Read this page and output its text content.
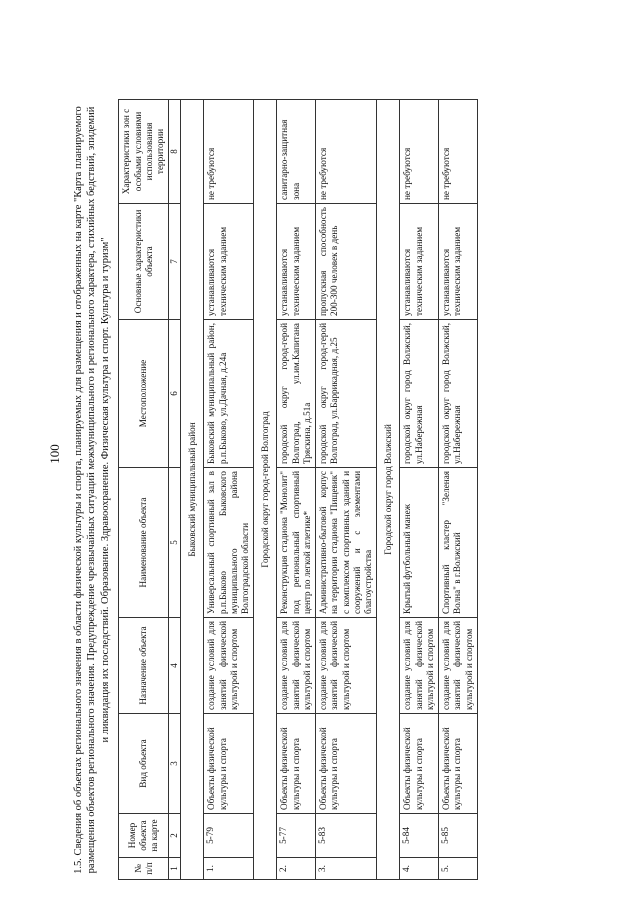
100 1.5. Сведения об объектах регионального значения в области физической культуры и спорта, планируемых для размещения и отображенных на карте "Карта планируемого размещения объектов регионального значения. Предупреждение чрезвычайных ситуаций межмуниципального и регионального характера, стихийных бедствий, эпидемий и ликвидация их последствий. Образование. Здравоохранение. Физическая культура и спорт. Культура и туризм"
№ п/п	Номер объекта на карте	Вид объекта	Назначение объекта	Наименование объекта	Местоположение	Основные характеристики объекта	Характеристики зон с особыми условиями использования территории
1	2	3	4	5	6	7	8
Быковский муниципальный район							
1.	5-79	Объекты физической культуры и спорта	создание условий для занятий физической культурой и спортом	Универсальный спортивный зал в р.п.Быково Быковского муниципального района Волгоградской области	Быковский муниципальный район, р.п.Быково, ул.Дачная, д.24а	устанавливаются техническим заданием	не требуются
Городской округ город-герой Волгоград							
2.	5-77	Объекты физической культуры и спорта	создание условий для занятий физической культурой и спортом	Реконструкция стадиона "Монолит" под региональный спортивный центр по легкой атлетике*	городской округ город-герой Волгоград, ул.им.Капитана Тряскина, д.51а	устанавливаются техническим заданием	санитарно-защитная зона
3.	5-83	Объекты физической культуры и спорта	создание условий для занятий физической культурой и спортом	Административно-бытовой корпус на территории стадиона "Пищевик" с комплексом спортивных зданий и сооружений и с элементами благоустройства	городской округ город-герой Волгоград, ул.Баррикадная, д.25	пропускная способность 200-300 человек в день	не требуются
Городской округ город Волжский							
4.	5-84	Объекты физической культуры и спорта	создание условий для занятий физической культурой и спортом	Крытый футбольный манеж	городской округ город Волжский, ул.Набережная	устанавливаются техническим заданием	не требуются
5.	5-85	Объекты физической культуры и спорта	создание условий для занятий физической культурой и спортом	Спортивный кластер "Зеленая Волна" в г.Волжский	городской округ город Волжский, ул.Набережная	устанавливаются техническим заданием	не требуются
